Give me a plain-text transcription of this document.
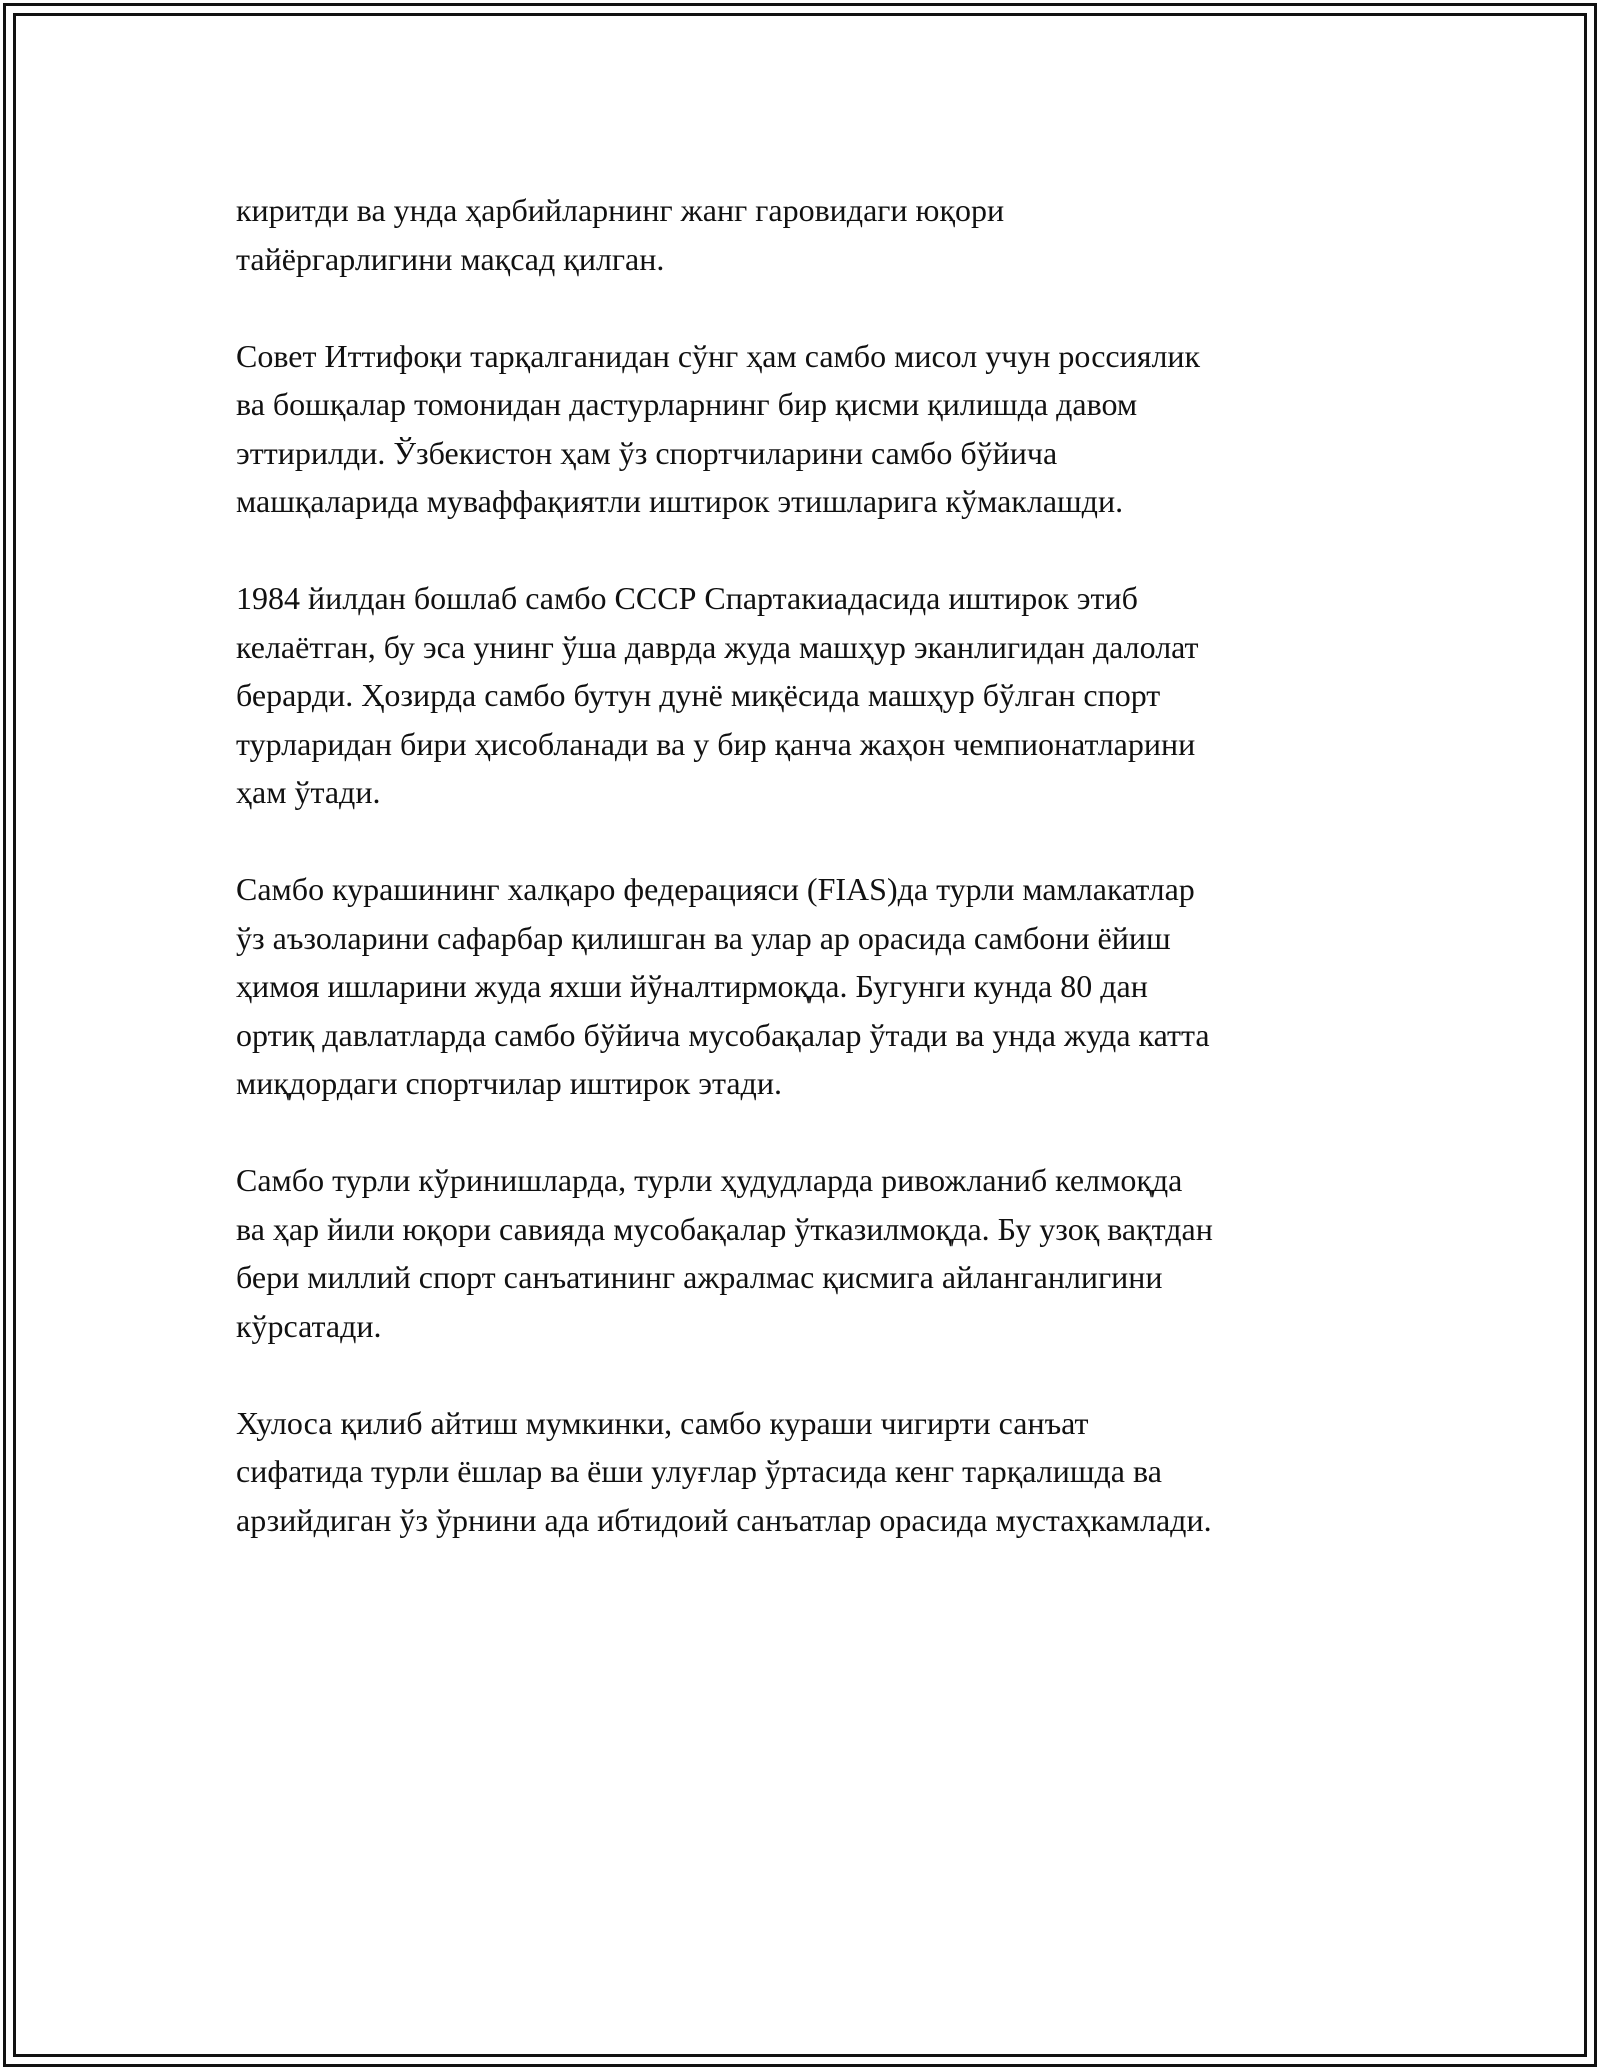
киритди ва унда ҳарбийларнинг жанг гаровидаги юқори
тайёргарлигини мақсад қилган.

Совет Иттифоқи тарқалганидан сўнг ҳам самбо мисол учун россиялик
ва бошқалар томонидан дастурларнинг бир қисми қилишда давом
эттирилди. Ўзбекистон ҳам ўз спортчиларини самбо бўйича
машқаларида муваффақиятли иштирок этишларига кўмаклашди.

1984 йилдан бошлаб самбо СССР Спартакиадасида иштирок этиб
келаётган, бу эса унинг ўша даврда жуда машҳур эканлигидан далолат
берарди. Ҳозирда самбо бутун дунё миқёсида машҳур бўлган спорт
турларидан бири ҳисобланади ва у бир қанча жаҳон чемпионатларини
ҳам ўтади.

Самбо курашининг халқаро федерацияси (FIAS)да турли мамлакатлар
ўз аъзоларини сафарбар қилишган ва улар ар орасида самбони ёйиш
ҳимоя ишларини жуда яхши йўналтирмоқда. Бугунги кунда 80 дан
ортиқ давлатларда самбо бўйича мусобақалар ўтади ва унда жуда катта
миқдордаги спортчилар иштирок этади.

Самбо турли кўринишларда, турли ҳудудларда ривожланиб келмоқда
ва ҳар йили юқори савияда мусобақалар ўтказилмоқда. Бу узоқ вақтдан
бери миллий спорт санъатининг ажралмас қисмига айланганлигини
кўрсатади.

Хулоса қилиб айтиш мумкинки, самбо кураши чигирти санъат
сифатида турли ёшлар ва ёши улуғлар ўртасида кенг тарқалишда ва
арзийдиган ўз ўрнини ада ибтидоий санъатлар орасида мустаҳкамлади.
